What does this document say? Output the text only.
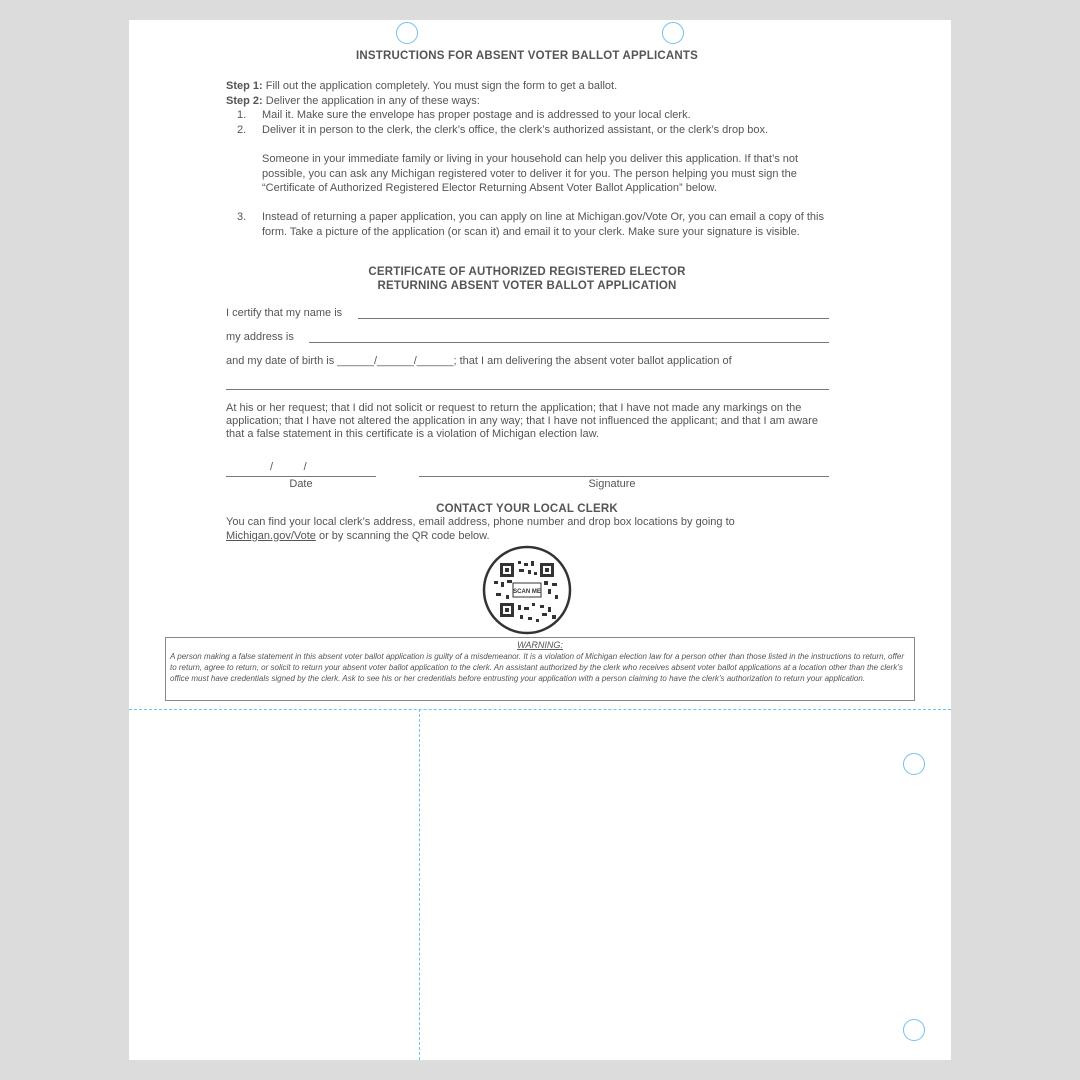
INSTRUCTIONS FOR ABSENT VOTER BALLOT APPLICANTS
Step 1: Fill out the application completely. You must sign the form to get a ballot.
Step 2: Deliver the application in any of these ways:
1. Mail it. Make sure the envelope has proper postage and is addressed to your local clerk.
2. Deliver it in person to the clerk, the clerk’s office, the clerk’s authorized assistant, or the clerk’s drop box.
Someone in your immediate family or living in your household can help you deliver this application. If that’s not possible, you can ask any Michigan registered voter to deliver it for you. The person helping you must sign the “Certificate of Authorized Registered Elector Returning Absent Voter Ballot Application” below.
3. Instead of returning a paper application, you can apply on line at Michigan.gov/Vote Or, you can email a copy of this form. Take a picture of the application (or scan it) and email it to your clerk. Make sure your signature is visible.
CERTIFICATE OF AUTHORIZED REGISTERED ELECTOR
RETURNING ABSENT VOTER BALLOT APPLICATION
I certify that my name is
my address is
and my date of birth is ______/______/______; that I am delivering the absent voter ballot application of
At his or her request; that I did not solicit or request to return the application; that I have not made any markings on the application; that I have not altered the application in any way; that I have not influenced the applicant; and that I am aware that a false statement in this certificate is a violation of Michigan election law.
/          /
Date	Signature
CONTACT YOUR LOCAL CLERK
You can find your local clerk’s address, email address, phone number and drop box locations by going to
Michigan.gov/Vote or by scanning the QR code below.
SCAN ME
WARNING:
A person making a false statement in this absent voter ballot application is guilty of a misdemeanor. It is a violation of Michigan election law for a person other than those listed in the instructions to return, offer to return, agree to return, or solicit to return your absent voter ballot application to the clerk. An assistant authorized by the clerk who receives absent voter ballot applications at a location other than the clerk’s office must have credentials signed by the clerk. Ask to see his or her credentials before entrusting your application with a person claiming to have the clerk’s authorization to return your application.
